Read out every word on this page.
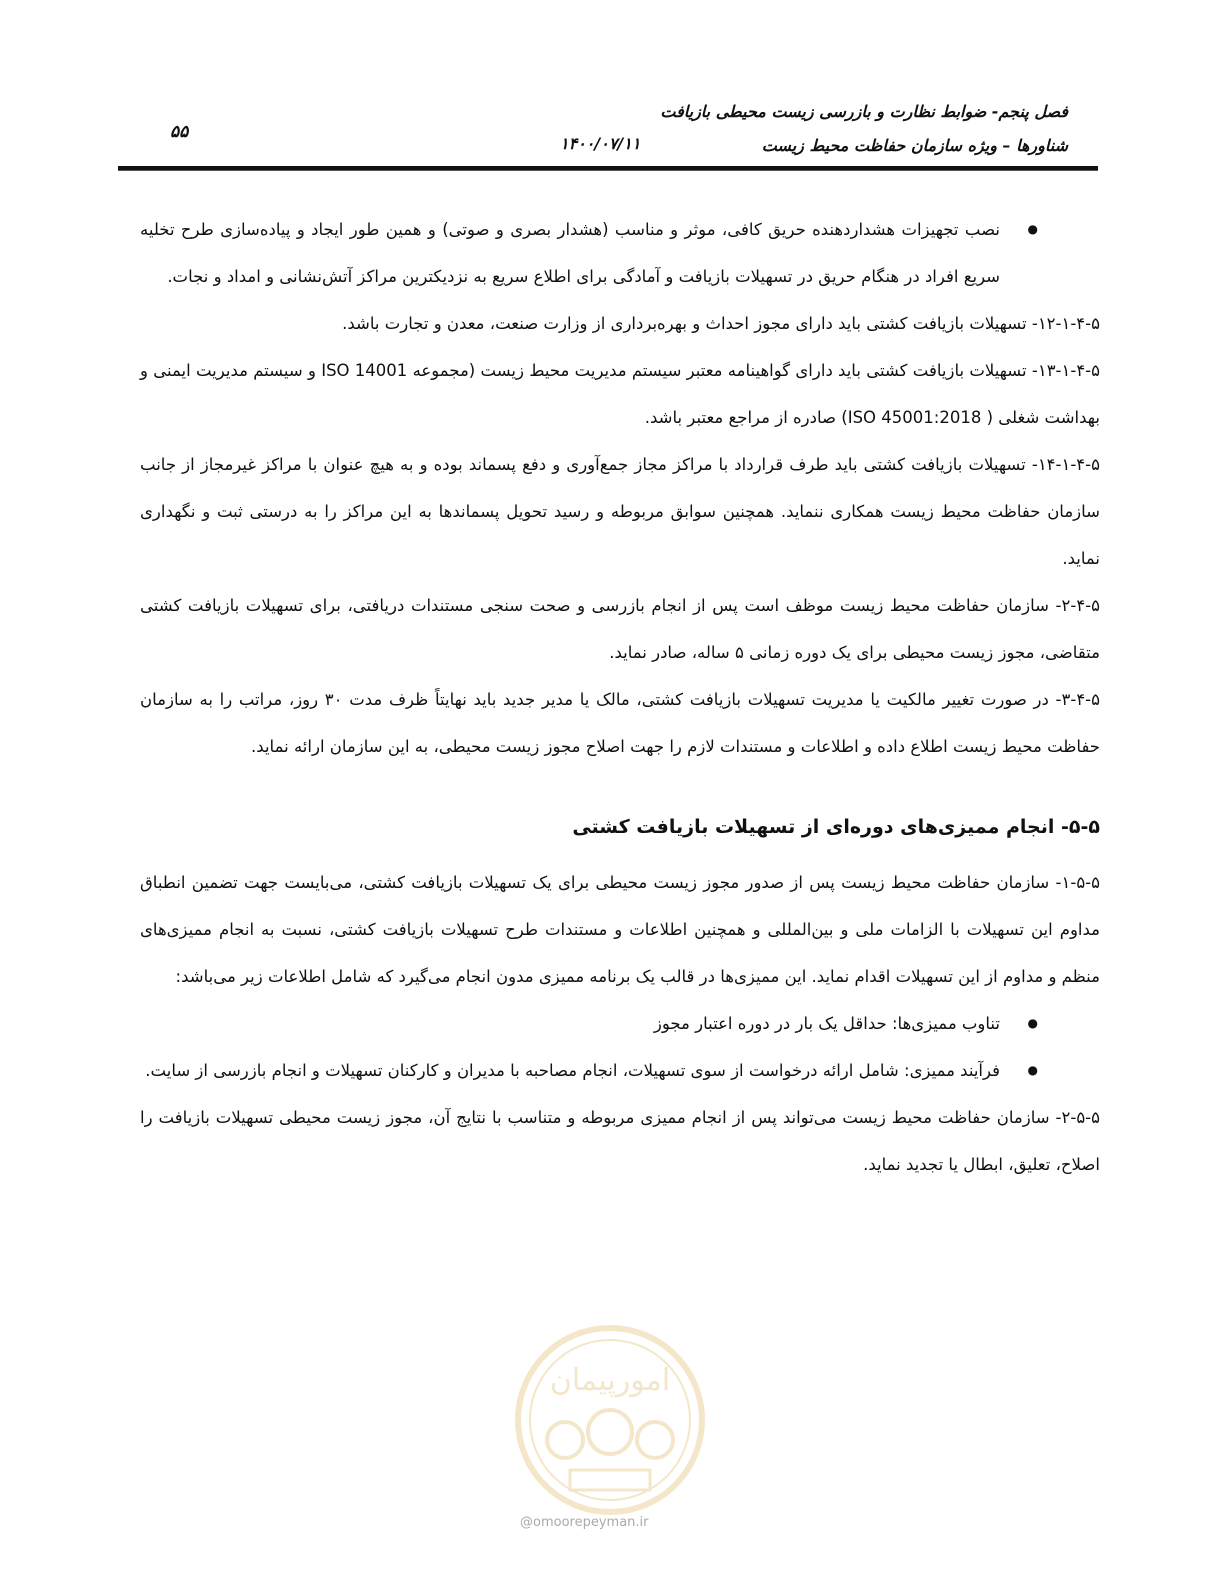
فصل پنجم- ضوابط نظارت و بازرسی زیست محیطی بازیافت
شناورها – ویژه سازمان حفاظت محیط زیست
۱۴۰۰/۰۷/۱۱
۵۵

● نصب تجهیزات هشداردهنده حریق کافی، موثر و مناسب (هشدار بصری و صوتی) و همین طور ایجاد و پیاده‌سازی طرح تخلیه سریع افراد در هنگام حریق در تسهیلات بازیافت و آمادگی برای اطلاع سریع به نزدیکترین مراکز آتش‌نشانی و امداد و نجات.

۱۲-۱-۴-۵- تسهیلات بازیافت کشتی باید دارای مجوز احداث و بهره‌برداری از وزارت صنعت، معدن و تجارت باشد.

۱۳-۱-۴-۵- تسهیلات بازیافت کشتی باید دارای گواهینامه معتبر سیستم مدیریت محیط زیست (مجموعه ISO 14001 و سیستم مدیریت ایمنی و بهداشت شغلی ( ISO 45001:2018) صادره از مراجع معتبر باشد.

۱۴-۱-۴-۵- تسهیلات بازیافت کشتی باید طرف قرارداد با مراکز مجاز جمع‌آوری و دفع پسماند بوده و به هیچ عنوان با مراکز غیرمجاز از جانب سازمان حفاظت محیط زیست همکاری ننماید. همچنین سوابق مربوطه و رسید تحویل پسماندها به این مراکز را به درستی ثبت و نگهداری نماید.

۲-۴-۵- سازمان حفاظت محیط زیست موظف است پس از انجام بازرسی و صحت سنجی مستندات دریافتی، برای تسهیلات بازیافت کشتی متقاضی، مجوز زیست محیطی برای یک دوره زمانی ۵ ساله، صادر نماید.

۳-۴-۵- در صورت تغییر مالکیت یا مدیریت تسهیلات بازیافت کشتی، مالک یا مدیر جدید باید نهایتاً ظرف مدت ۳۰ روز، مراتب را به سازمان حفاظت محیط زیست اطلاع داده و اطلاعات و مستندات لازم را جهت اصلاح مجوز زیست محیطی، به این سازمان ارائه نماید.

۵-۵- انجام ممیزی‌های دوره‌ای از تسهیلات بازیافت کشتی

۱-۵-۵- سازمان حفاظت محیط زیست پس از صدور مجوز زیست محیطی برای یک تسهیلات بازیافت کشتی، می‌بایست جهت تضمین انطباق مداوم این تسهیلات با الزامات ملی و بین‌المللی و همچنین اطلاعات و مستندات طرح تسهیلات بازیافت کشتی، نسبت به انجام ممیزی‌های منظم و مداوم از این تسهیلات اقدام نماید. این ممیزی‌ها در قالب یک برنامه ممیزی مدون انجام می‌گیرد که شامل اطلاعات زیر می‌باشد:

● تناوب ممیزی‌ها: حداقل یک بار در دوره اعتبار مجوز

● فرآیند ممیزی: شامل ارائه درخواست از سوی تسهیلات، انجام مصاحبه با مدیران و کارکنان تسهیلات و انجام بازرسی از سایت.

۲-۵-۵- سازمان حفاظت محیط زیست می‌تواند پس از انجام ممیزی مربوطه و متناسب با نتایج آن، مجوز زیست محیطی تسهیلات بازیافت را اصلاح، تعلیق، ابطال یا تجدید نماید.

امورپیمان
@omoorepeyman.ir
